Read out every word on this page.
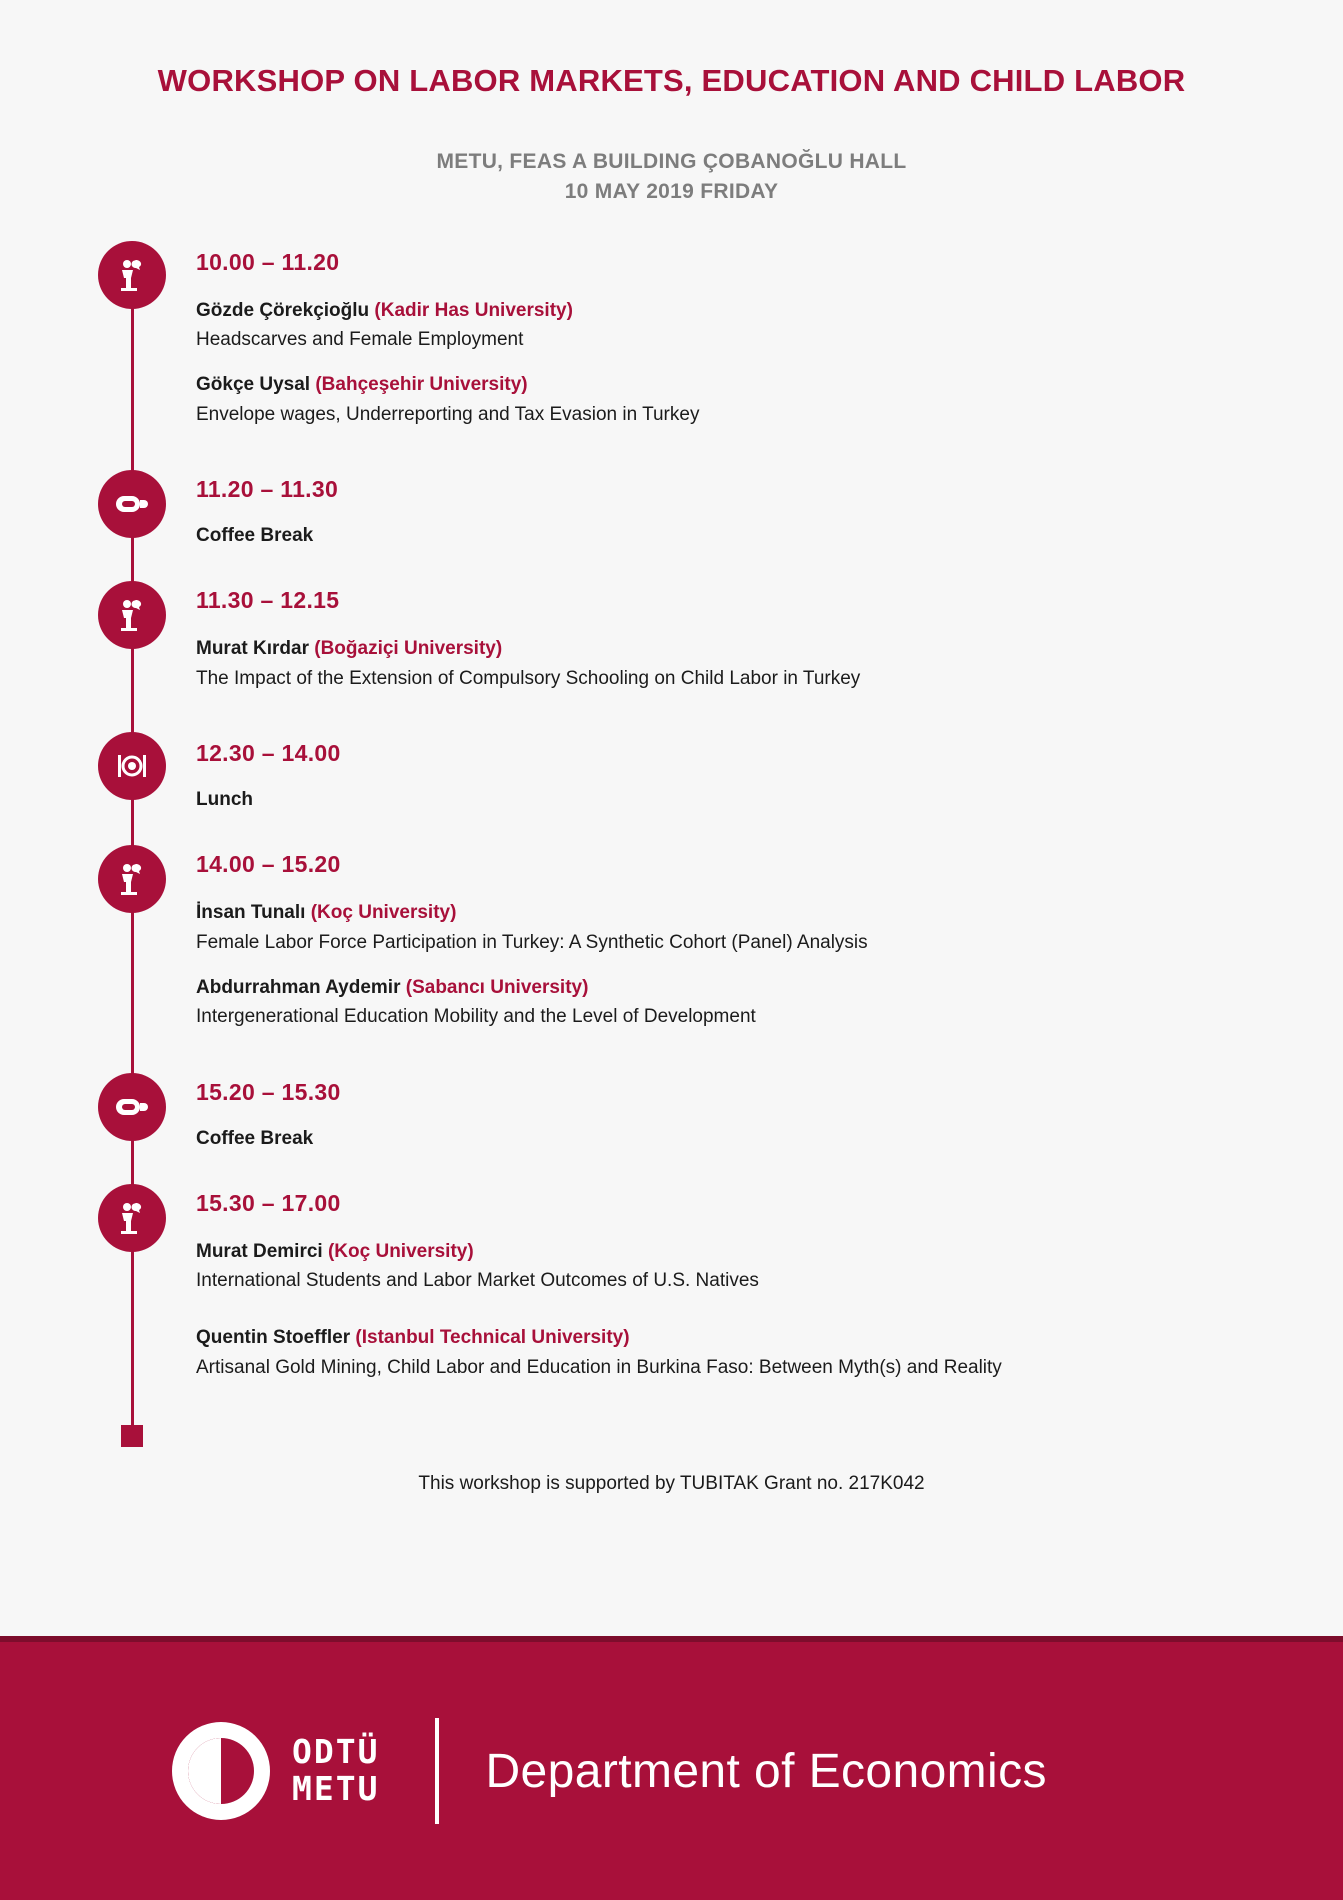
WORKSHOP ON LABOR MARKETS, EDUCATION AND CHILD LABOR
METU, FEAS A BUILDING ÇOBANOĞLU HALL
10 MAY 2019 FRIDAY
10.00 – 11.20
Gözde Çörekçioğlu (Kadir Has University)
Headscarves and Female Employment
Gökçe Uysal (Bahçeşehir University)
Envelope wages, Underreporting and Tax Evasion in Turkey
11.20 – 11.30
Coffee Break
11.30 – 12.15
Murat Kırdar (Boğaziçi University)
The Impact of the Extension of Compulsory Schooling on Child Labor in Turkey
12.30 – 14.00
Lunch
14.00 – 15.20
İnsan Tunalı (Koç University)
Female Labor Force Participation in Turkey: A Synthetic Cohort (Panel) Analysis
Abdurrahman Aydemir (Sabancı University)
Intergenerational Education Mobility and the Level of Development
15.20 – 15.30
Coffee Break
15.30 – 17.00
Murat Demirci (Koç University)
International Students and Labor Market Outcomes of U.S. Natives
Quentin Stoeffler (Istanbul Technical University)
Artisanal Gold Mining, Child Labor and Education in Burkina Faso: Between Myth(s) and Reality
This workshop is supported by TUBITAK Grant no. 217K042
ODTÜ
METU Department of Economics
